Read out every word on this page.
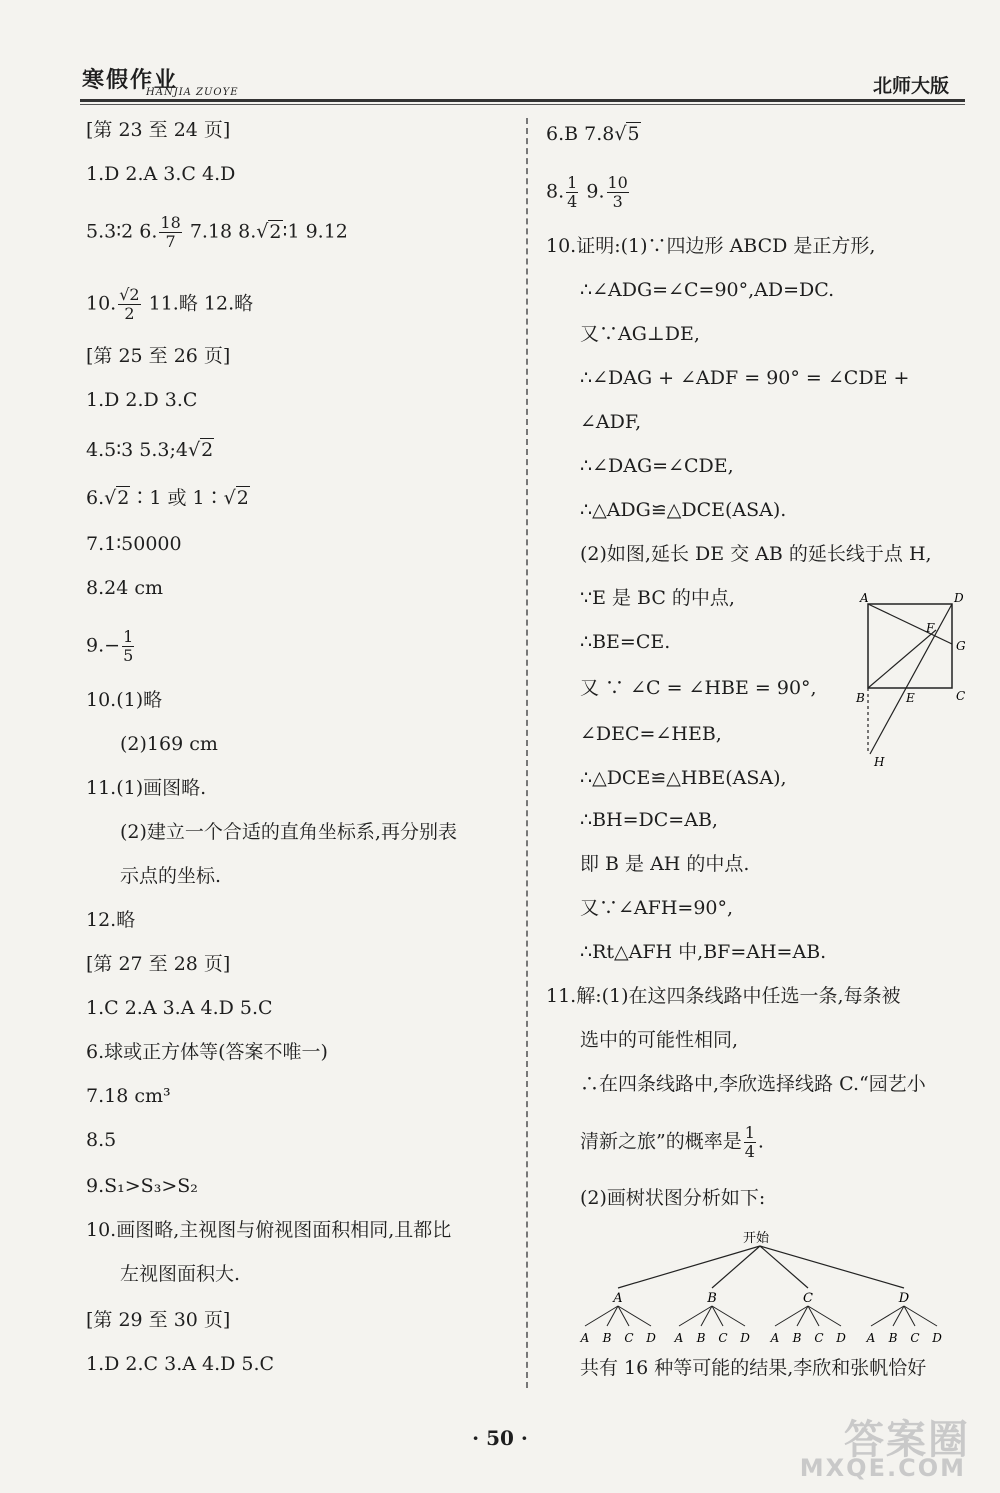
寒假作业
HANJIA ZUOYE	北师大版
[第 23 至 24 页]
1.D 2.A 3.C 4.D
5.3∶2 6. $\frac{18}{7} 7.18$ 8.√2∶1 9.12
10. $\frac{√2}{2} 11$.略 12.略
[第 25 至 26 页]
1.D 2.D 3.C
4.5∶3 5.3;4√2
6.√2∶1 或 1∶√2
7.1∶50000
8.24 cm
$9.- \frac{1}{5}$
10.(1)略
(2)169 cm
11.(1)画图略.
(2)建立一个合适的直角坐标系,再分别表
示点的坐标.
12.略
[第 27 至 28 页]
1.C 2.A 3.A 4.D 5.C
6.球或正方体等(答案不唯一)
7.18 cm³
8.5
9.S₁>S₃>S₂
10.画图略,主视图与俯视图面积相同,且都比
左视图面积大.
[第 29 至 30 页]
1.D 2.C 3.A 4.D 5.C
6.B 7.8√5
8. $\frac{1}{4} 9$. $\frac{10}{3}$
10.证明:(1)∵四边形 ABCD 是正方形,
∴∠ADG=∠C=90°,AD=DC.
又∵AG⊥DE,
∴∠DAG + ∠ADF = 90° = ∠CDE +
∠ADF,
∴∠DAG=∠CDE,
∴△ADG≌△DCE(ASA).
(2)如图,延长 DE 交 AB 的延长线于点 H,
∵E 是 BC 的中点,
∴BE=CE.
又 ∵ ∠C = ∠HBE = 90°,
∠DEC=∠HEB,
∴△DCE≌△HBE(ASA),
∴BH=DC=AB,
即 B 是 AH 的中点.
又∵∠AFH=90°,
∴Rt△AFH 中,BF=AH=AB.
11.解:(1)在这四条线路中任选一条,每条被
选中的可能性相同,
∴在四条线路中,李欣选择线路 C.“园艺小
清新之旅”的概率是 $\frac{1}{4}$ .
(2)画树状图分析如下:
共有 16 种等可能的结果,李欣和张帆恰好
A	D
B	C
E
F
G
H
开始
A	B	C	D
A B C D A B C D A B C D A B C D
· 50 ·	答案圈
MXQE.COM
